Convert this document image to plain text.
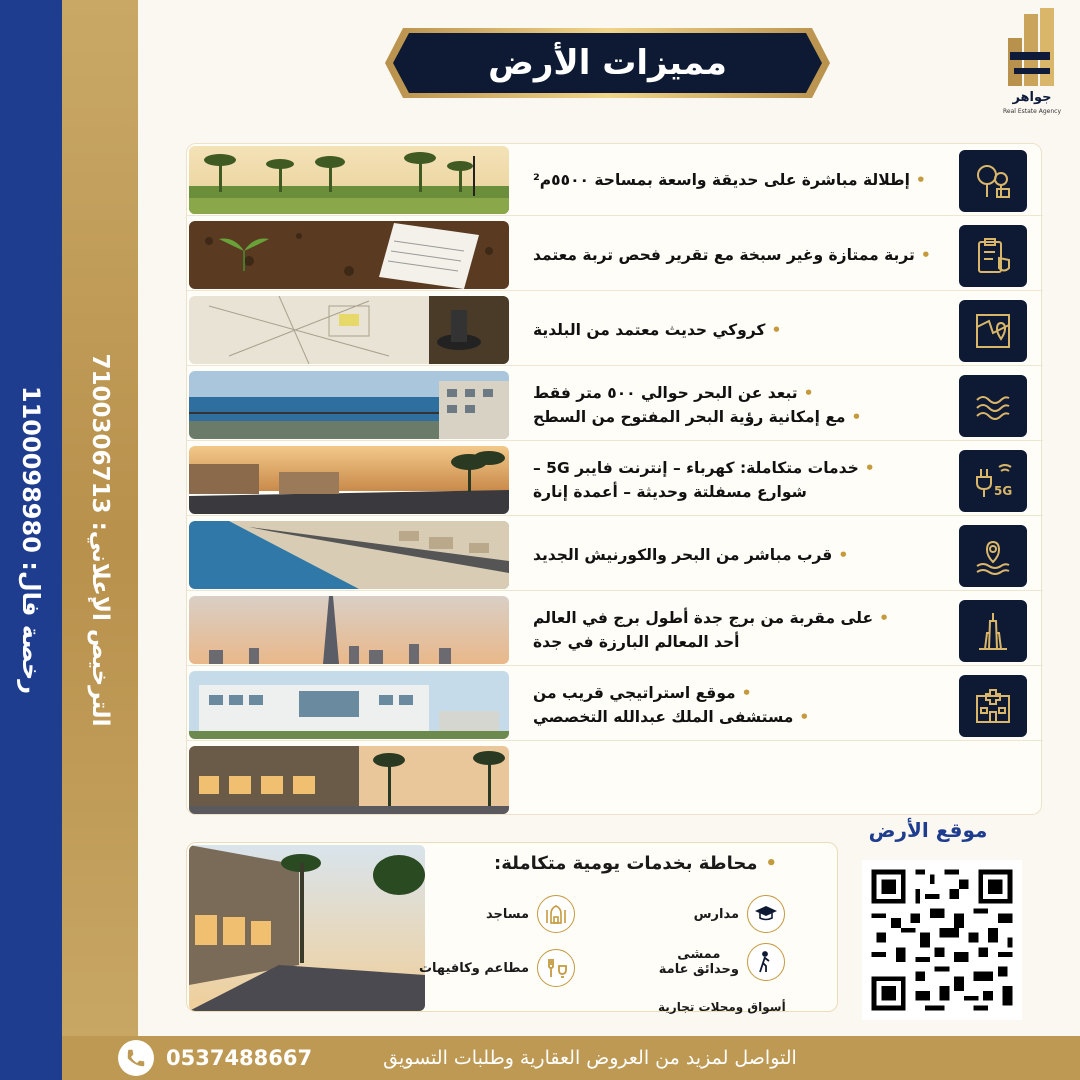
رخصة فال: 1100098980
الترخيص الإعلاني: 7100306713
جواهر
Real Estate Agency
مميزات الأرض
• إطلالة مباشرة على حديقة واسعة بمساحة ٥٥٠٠م²
• تربة ممتازة وغير سبخة مع تقرير فحص تربة معتمد
• كروكي حديث معتمد من البلدية
• تبعد عن البحر حوالي ٥٠٠ متر فقط
• مع إمكانية رؤية البحر المفتوح من السطح
• خدمات متكاملة: كهرباء – إنترنت فايبر 5G –
شوارع مسفلتة وحديثة – أعمدة إنارة	5G
• قرب مباشر من البحر والكورنيش الجديد
• على مقربة من برج جدة أطول برج في العالم
أحد المعالم البارزة في جدة
• موقع استراتيجي قريب من
• مستشفى الملك عبدالله التخصصي
• محاطة بخدمات يومية متكاملة:
مدارس
مساجد
ممشى
وحدائق عامة
مطاعم وكافيهات
أسواق ومحلات تجارية
موقع الأرض
0537488667	التواصل لمزيد من العروض العقارية وطلبات التسويق
